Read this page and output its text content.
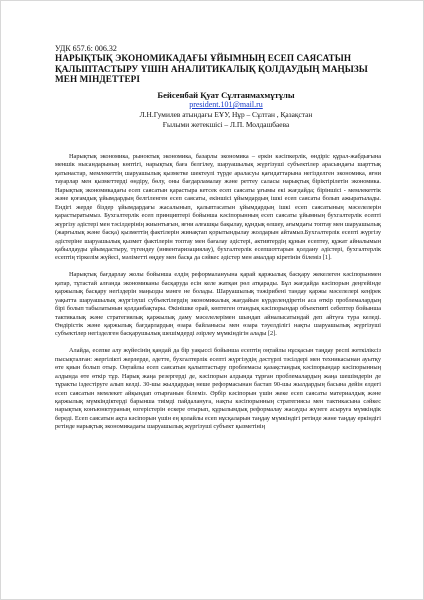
УДК 657.6: 006.32
НАРЫҚТЫҚ ЭКОНОМИКАДАҒЫ ҰЙЫМНЫҢ ЕСЕП САЯСАТЫН
ҚАЛЫПТАСТЫРУ ҮШІН АНАЛИТИКАЛЫҚ ҚОЛДАУДЫҢ МАҢЫЗЫ
МЕН МІНДЕТТЕРІ
Бейсенбай Қуат Сұлтанмахмұтұлы
president.101@mail.ru
Л.Н.Гумилев атындағы ЕҰУ, Нұр – Сұлтан , Қазақстан
Ғылыми жетекшісі – Л.П. Молдашбаева

Нарықтық экономика, рыноктық экономика, базарлы экономика – еркін кәсіпкерлік, өндіріс құрал-жабдығына меншік нысандарының көптігі, нарықтық баға белгілеу, шаруашылық жүргізуші субъектілер арасындағы шарттық қатынастар, мемлекеттің шаруашылық қызметке шектеулі түрде араласуы қағидаттарына негізделген экономика, яғни тауарлар мен қызметтерді өндіру, бөлу, оны бағдарламалау және реттеу саласы нарықтық біріктірілетін экономика. Нарықтық экономикадағы есеп саясатын қарастыра кетсек есеп саясаты ұғымы екі жағдайда; біріншісі - мемлекеттік және қоғамдық ұйымдардың белгіленген есеп саясаты, екіншісі ұйымдардың ішкі есеп саясаты болып ажыратылады. Ендігі жерде біздер ұйымдардағы жасалынып, қалыптасатын ұйымдардың ішкі есеп саясатының мәселелерін қарастыратымыз. Бухгалтерлік есеп принциптері бойынша кәсіпорынның есеп саясаты ұйымның бухгалтерлік есепті жүргізу әдістері мен тәсілдерінің жиынтығын, яғни алғашқы бақылау, құндық өлшеу, ағымдағы топтау мен шаруашылық (жарғылық және басқа) қызметтің фактілерін жинақтап қорытындылау жолдарын айтамыз.Бухгалтерлік есепті жүргізу әдістеріне шаруашылық қызмет фактілерін топтау мен бағалау әдістері, активтердің құнын есептеу, құжат айналымын қабылдауды ұйымдастыру, түгендеу (инвентаризациялау), бухгалтерлік есепшоттарын қолдану әдістері, бухгалтерлік есептің тіркелім жүйесі, мәліметті өңдеу мен басқа да сәйкес әдістер мен амалдар кіретінін білеміз [1].

Нарықтық бағдарлау жолы бойынша елдің реформалануына қарай қаржылық басқару жекелеген кәсіпорынмен қатар, тұтастай алғанда экономиканы басқаруда есін келе жатқан рөл атқарады. Бұл жағдайда кәсіпорын деңгейінде қаржылық басқару негіздерін маңызды мәнге не болады. Шаруашылық тәжірибені тандау қаржы мәселелері кеңірек уақытта шаруашылық жүргізуші субъектілердің экономикалық жағдайын күрделендіретін аса өткір проблемалардың бірі болып табылатынын қолданбақтары. Өкінішке орай, көптеген отандық кәсіпорындар объективті себептер бойынша тактикалық және стратегиялық қаржылық даму мәселелерімен шындап айналысатындай деп айтуға тура келеді. Өндірістік және қаржылық бағдарлардың өзара байланысы мен өзара тәуелділігі нақты шаруашылық жүргізуші субъектілер негізделген басқарушылық шешімдерді әзірлеу мүмкіндігін алады [2].

Алайда, есепке алу жүйесінің қандай да бір уақыссі бойынша есептің оңтайлы нұсқасын таңдау респі жеткіліксіз пысықталған: жергілікті жерлерде, әдетте, бухгалтерлік есепті жүргізудің дәстүрлі тәсілдері мен техникасынан ауытқу өте қиын болып отыр. Оңтайлы есеп саясатын қалыптастыру проблемасы қазақстандық кәсіпорындар кәсіпорынның алдында өте өткір тұр. Нарық жаңа резергерді де, кәсіпорын алдында тұрған проблемалардың жаңа шешімдерін де тұракты іздестіруге алып келді. 30-шы жылдардың неше реформасынан бастап 90-шы жылдардың басына дейін елдегі есеп саясатын мемлекет айқындап отырғанын білеміз. Әрбір кәсіпорын үшін жеке есеп саясаты материалдық және қаржылық мүмкіндіктерді барынша тиімді пайдалануға, нақты кәсіпорынның стратегиясы мен тактикасына сәйкес нарықтық конъюнктураның өзгерістерін ескере отырып, құрылымдық реформалау жасауды жүзеге асыруға мүмкіндік береді. Есеп саясатын ақта кәсіпорын үшін ең қолайлы есеп нұсқаларын таңдау мүмкіндігі ретінде және таңдау еркіндігі ретінде нарықтық экономикадағы шаруашылық жүргізуші субъект қызметінің
